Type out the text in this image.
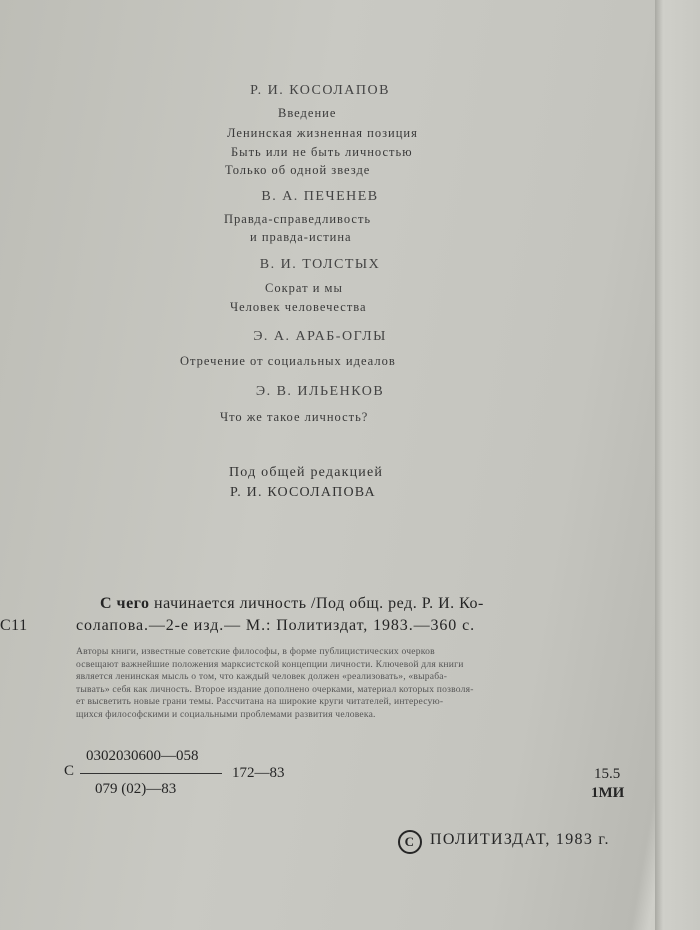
Р. И. КОСОЛАПОВ
Введение
Ленинская жизненная позиция
Быть или не быть личностью
Только об одной звезде
В. А. ПЕЧЕНЕВ
Правда-справедливость
и правда-истина
В. И. ТОЛСТЫХ
Сократ и мы
Человек человечества
Э. А. АРАБ-ОГЛЫ
Отречение от социальных идеалов
Э. В. ИЛЬЕНКОВ
Что же такое личность?
Под общей редакцией
Р. И. КОСОЛАПОВА
С11
С чего начинается личность /Под общ. ред. Р. И. Ко-
солапова.—2-е изд.— М.: Политиздат, 1983.—360 с.
Авторы книги, известные советские философы, в форме публицистических очерков
освещают важнейшие положения марксистской концепции личности. Ключевой для книги
является ленинская мысль о том, что каждый человек должен «реализовать», «выраба-
тывать» себя как личность. Второе издание дополнено очерками, материал которых позволя-
ет высветить новые грани темы. Рассчитана на широкие круги читателей, интересую-
щихся философскими и социальными проблемами развития человека.
С
0302030600—058
079 (02)—83
172—83	15.5
1МИ
С ПОЛИТИЗДАТ, 1983 г.
